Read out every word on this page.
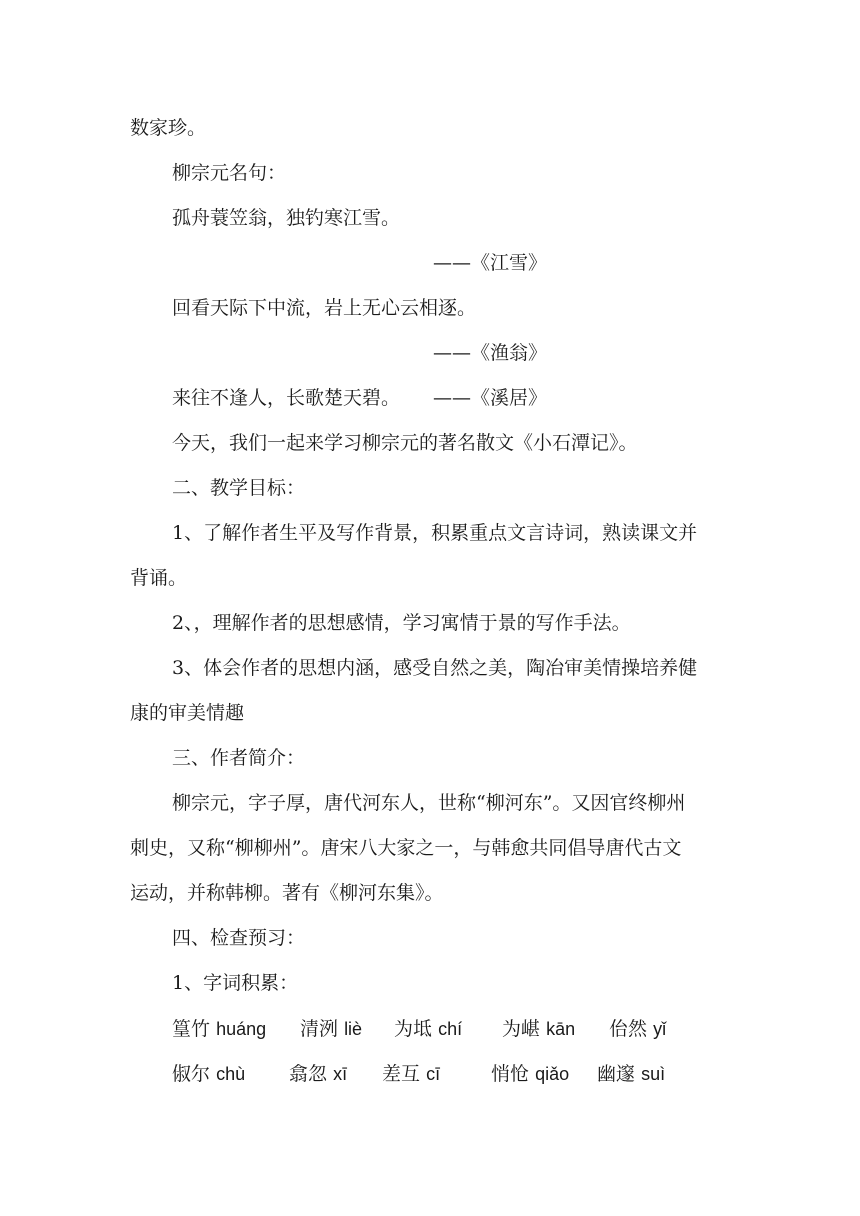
数家珍。
柳宗元名句：
孤舟蓑笠翁，独钓寒江雪。
——《江雪》
回看天际下中流，岩上无心云相逐。
——《渔翁》
来往不逢人，长歌楚天碧。 ——《溪居》
今天，我们一起来学习柳宗元的著名散文《小石潭记》。
二、教学目标：
1、了解作者生平及写作背景，积累重点文言诗词，熟读课文并
背诵。
2、，理解作者的思想感情，学习寓情于景的写作手法。
3、体会作者的思想内涵，感受自然之美，陶冶审美情操培养健
康的审美情趣
三、作者简介：
柳宗元，字子厚，唐代河东人，世称“柳河东”。又因官终柳州
刺史，又称“柳柳州”。唐宋八大家之一，与韩愈共同倡导唐代古文
运动，并称韩柳。著有《柳河东集》。
四、检查预习：
1、字词积累：
篁竹 huáng 清洌 liè 为坻 chí 为嵁 kān 佁然 yǐ
俶尔 chù 翕忽 xī 差互 cī	悄怆 qiǎo 幽邃 suì
